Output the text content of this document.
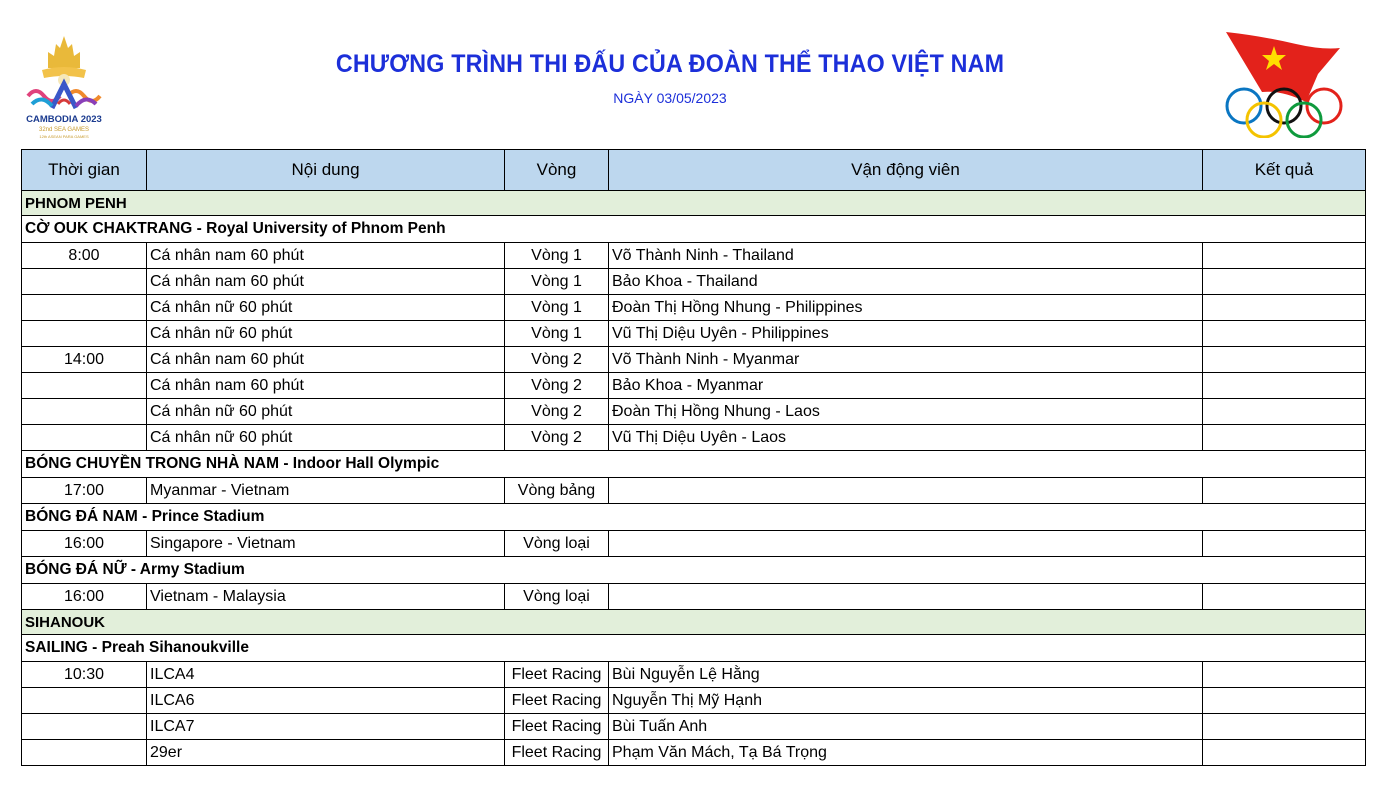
CAMBODIA 2023
32nd SEA GAMES
12th ASEAN PARA GAMES
CHƯƠNG TRÌNH THI ĐẤU CỦA ĐOÀN THỂ THAO VIỆT NAM
NGÀY 03/05/2023
Thời gian	Nội dung	Vòng	Vận động viên	Kết quả
PHNOM PENH				
CỜ OUK CHAKTRANG - Royal University of Phnom Penh				
8:00	Cá nhân nam 60 phút	Vòng 1	Võ Thành Ninh - Thailand	
	Cá nhân nam 60 phút	Vòng 1	Bảo Khoa - Thailand	
	Cá nhân nữ 60 phút	Vòng 1	Đoàn Thị Hồng Nhung - Philippines	
	Cá nhân nữ 60 phút	Vòng 1	Vũ Thị Diệu Uyên - Philippines	
14:00	Cá nhân nam 60 phút	Vòng 2	Võ Thành Ninh - Myanmar	
	Cá nhân nam 60 phút	Vòng 2	Bảo Khoa - Myanmar	
	Cá nhân nữ 60 phút	Vòng 2	Đoàn Thị Hồng Nhung - Laos	
	Cá nhân nữ 60 phút	Vòng 2	Vũ Thị Diệu Uyên - Laos	
BÓNG CHUYỀN TRONG NHÀ NAM - Indoor Hall Olympic				
17:00	Myanmar - Vietnam	Vòng bảng		
BÓNG ĐÁ NAM - Prince Stadium				
16:00	Singapore - Vietnam	Vòng loại		
BÓNG ĐÁ NỮ - Army Stadium				
16:00	Vietnam - Malaysia	Vòng loại		
SIHANOUK				
SAILING - Preah Sihanoukville				
10:30	ILCA4	Fleet Racing	Bùi Nguyễn Lệ Hằng	
	ILCA6	Fleet Racing	Nguyễn Thị Mỹ Hạnh	
	ILCA7	Fleet Racing	Bùi Tuấn Anh	
	29er	Fleet Racing	Phạm Văn Mách, Tạ Bá Trọng	
